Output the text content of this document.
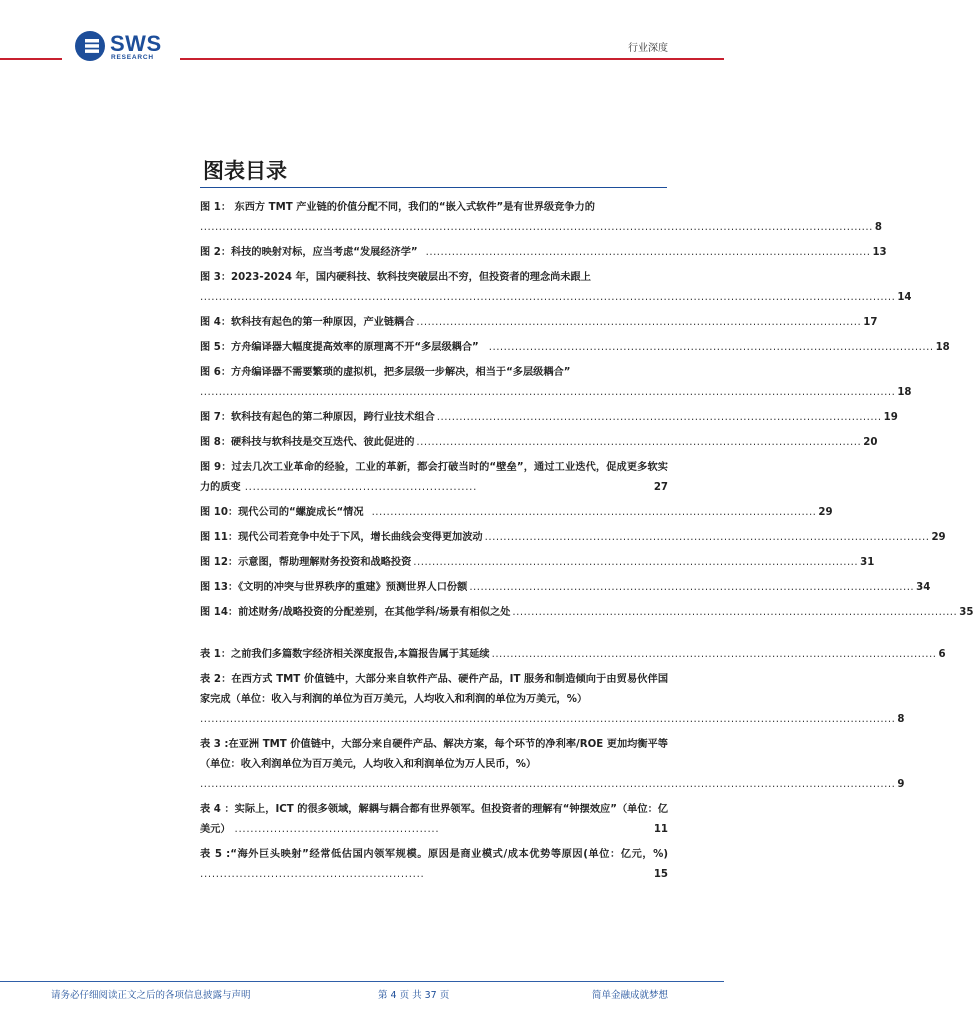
SWS
RESEARCH
行业深度
图表目录
图 1： 东西方 TMT 产业链的价值分配不同，我们的“嵌入式软件”是有世界级竞争力的
.................................................................................................................................................................................... 8
图 2：科技的映射对标，应当考虑“发展经济学” ....................................................................................................................... 13
图 3：2023-2024 年，国内硬科技、软科技突破层出不穷，但投资者的理念尚未跟上
.......................................................................................................................................................................................... 14
图 4：软科技有起色的第一种原因，产业链耦合 ....................................................................................................................... 17
图 5：方舟编译器大幅度提高效率的原理离不开“多层级耦合” ....................................................................................................................... 18
图 6：方舟编译器不需要繁琐的虚拟机，把多层级一步解决，相当于“多层级耦合”
.......................................................................................................................................................................................... 18
图 7：软科技有起色的第二种原因，跨行业技术组合 ....................................................................................................................... 19
图 8：硬科技与软科技是交互迭代、彼此促进的 ....................................................................................................................... 20
图 9：过去几次工业革命的经验，工业的革新，都会打破当时的“壁垒”，通过工业迭代，促成更多软实力的质变 ...........................................................	27
图 10：现代公司的“螺旋成长“情况 ....................................................................................................................... 29
图 11：现代公司若竞争中处于下风，增长曲线会变得更加波动 ....................................................................................................................... 29
图 12：示意图，帮助理解财务投资和战略投资 ....................................................................................................................... 31
图 13：《文明的冲突与世界秩序的重建》预测世界人口份额 ....................................................................................................................... 34
图 14：前述财务/战略投资的分配差别，在其他学科/场景有相似之处 ....................................................................................................................... 35
表 1：之前我们多篇数字经济相关深度报告,本篇报告属于其延续 ....................................................................................................................... 6
表 2：在西方式 TMT 价值链中，大部分来自软件产品、硬件产品，IT 服务和制造倾向于由贸易伙伴国家完成（单位：收入与利润的单位为百万美元，人均收入和利润的单位为万美元，%）
.......................................................................................................................................................................................... 8
表 3 :在亚洲 TMT 价值链中，大部分来自硬件产品、解决方案，每个环节的净利率/ROE 更加均衡平等（单位：收入利润单位为百万美元，人均收入和利润单位为万人民币，%）
.......................................................................................................................................................................................... 9
表 4 ：实际上，ICT 的很多领域，解耦与耦合都有世界领军。但投资者的理解有“钟摆效应”（单位：亿美元） ....................................................	11
表 5 :“海外巨头映射”经常低估国内领军规模。原因是商业模式/成本优势等原因(单位：亿元，%) .........................................................	15
请务必仔细阅读正文之后的各项信息披露与声明	第 4 页 共 37 页	简单金融成就梦想
